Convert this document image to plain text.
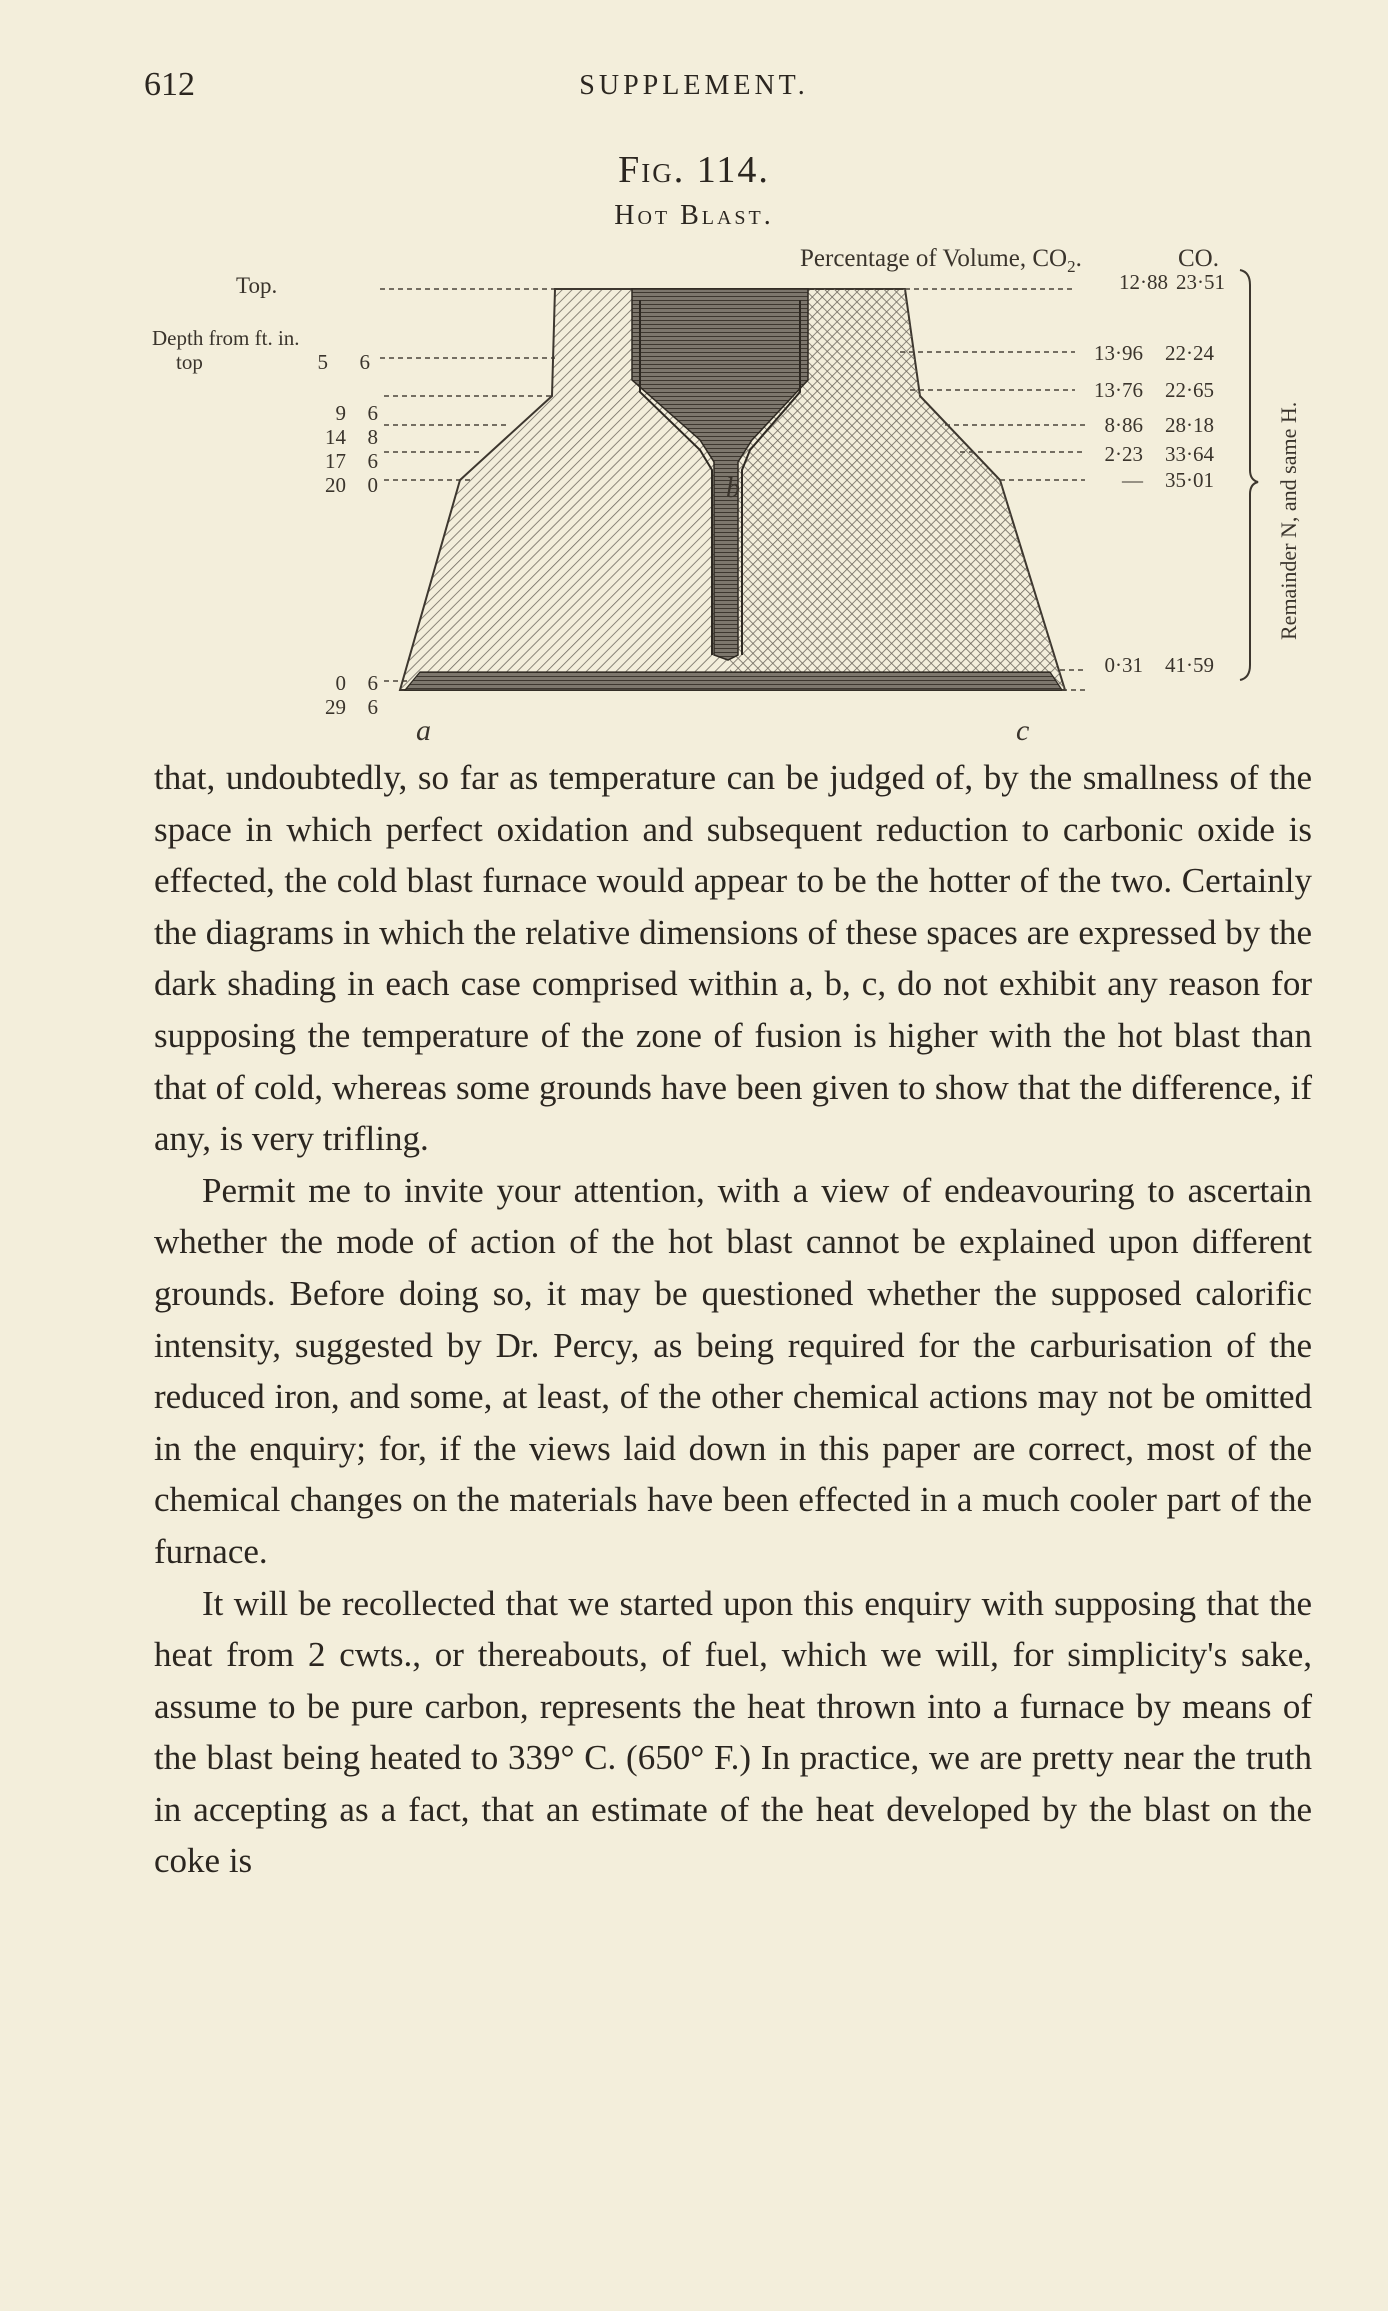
612	SUPPLEMENT.
Fig. 114.
Hot Blast.
Percentage of Volume, $CO_2$.	CO.
Top.
Depth from ft. in.
top	5 6
9 6
14 8
17 6
20 0
0 6
29 6
12·88 23·51
13·96 22·24
13·76 22·65
8·86 28·18
2·23 33·64
— 35·01
0·31 41·59
Remainder N, and same H.
a
b
c

that, undoubtedly, so far as temperature can be judged of, by the smallness of the space in which perfect oxidation and subsequent reduction to carbonic oxide is effected, the cold blast furnace would appear to be the hotter of the two. Certainly the diagrams in which the relative dimensions of these spaces are expressed by the dark shading in each case comprised within a, b, c, do not exhibit any reason for supposing the temperature of the zone of fusion is higher with the hot blast than that of cold, whereas some grounds have been given to show that the difference, if any, is very trifling.

Permit me to invite your attention, with a view of endeavouring to ascertain whether the mode of action of the hot blast cannot be explained upon different grounds. Before doing so, it may be questioned whether the supposed calorific intensity, suggested by Dr. Percy, as being required for the carburisation of the reduced iron, and some, at least, of the other chemical actions may not be omitted in the enquiry; for, if the views laid down in this paper are correct, most of the chemical changes on the materials have been effected in a much cooler part of the furnace.

It will be recollected that we started upon this enquiry with supposing that the heat from 2 cwts., or thereabouts, of fuel, which we will, for simplicity's sake, assume to be pure carbon, represents the heat thrown into a furnace by means of the blast being heated to 339° C. (650° F.) In practice, we are pretty near the truth in accepting as a fact, that an estimate of the heat developed by the blast on the coke is
